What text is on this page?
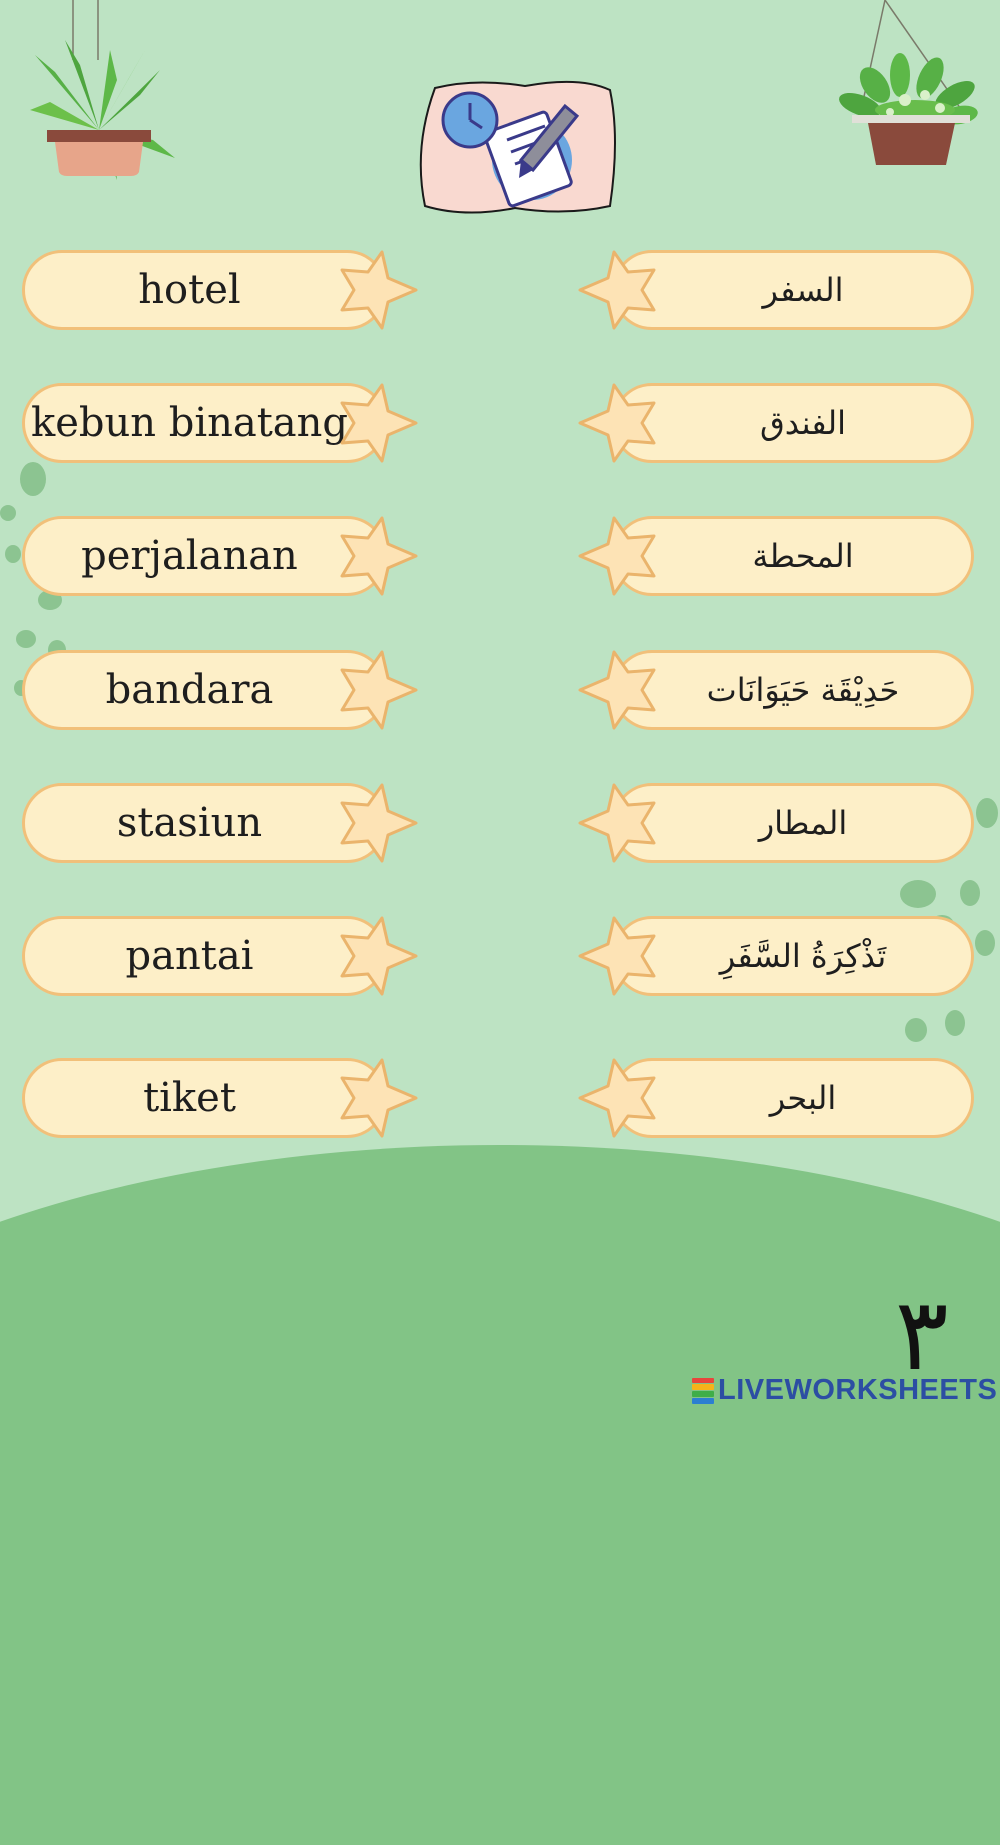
hotel	السفر
kebun binatang	الفندق
perjalanan	المحطة
bandara	حَدِيْقَة حَيَوَانَات
stasiun	المطار
pantai	تَذْكِرَةُ السَّفَرِ
tiket	البحر
٣
LIVEWORKSHEETS
